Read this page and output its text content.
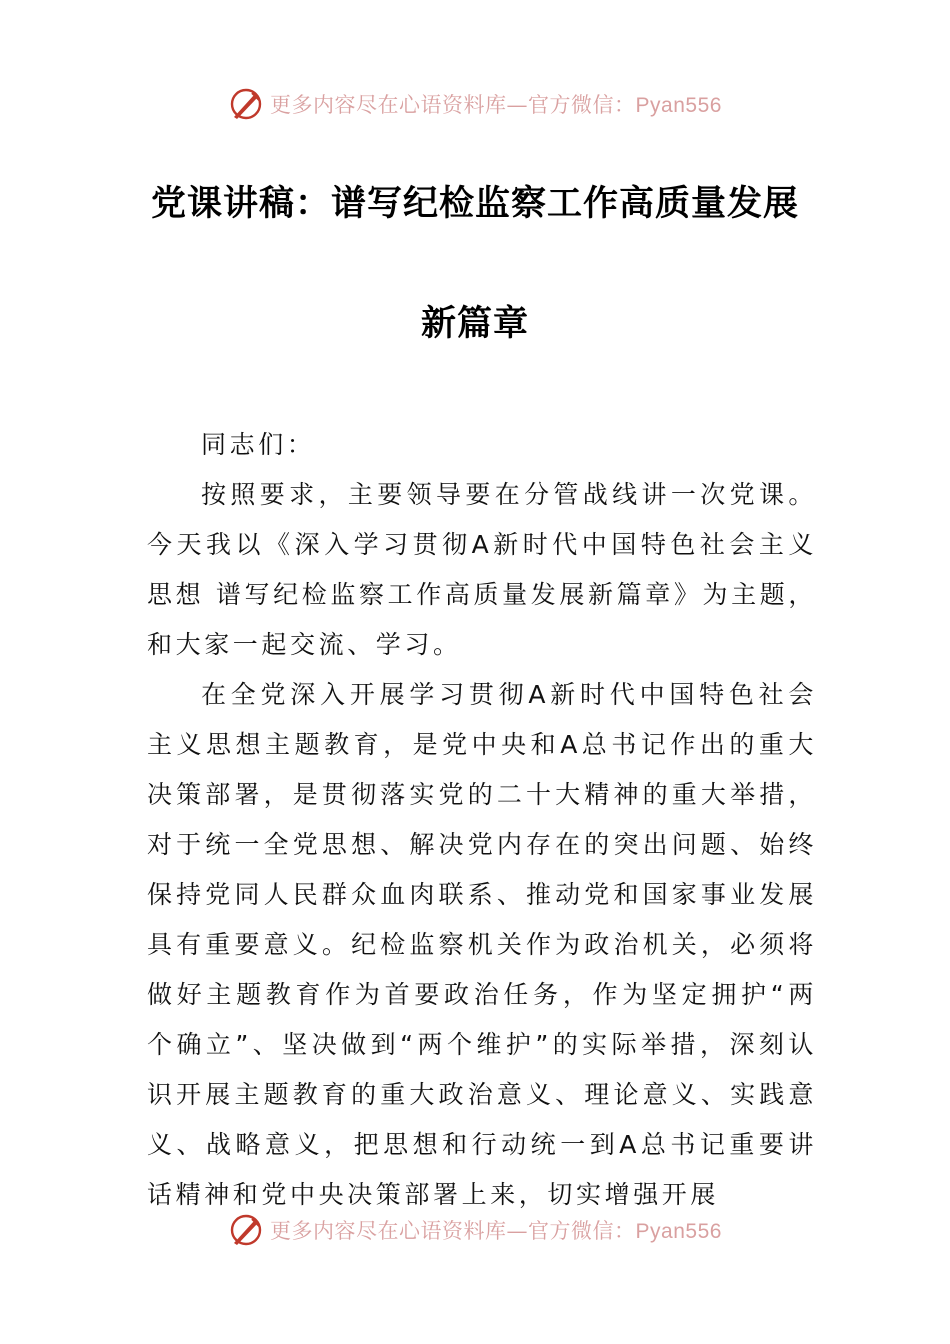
更多内容尽在心语资料库—官方微信：Pyan556
党课讲稿：谱写纪检监察工作高质量发展
新篇章

同志们：

按照要求，主要领导要在分管战线讲一次党课。今天我以《深入学习贯彻A新时代中国特色社会主义思想 谱写纪检监察工作高质量发展新篇章》为主题，和大家一起交流、学习。

在全党深入开展学习贯彻A新时代中国特色社会主义思想主题教育，是党中央和A总书记作出的重大决策部署，是贯彻落实党的二十大精神的重大举措，对于统一全党思想、解决党内存在的突出问题、始终保持党同人民群众血肉联系、推动党和国家事业发展具有重要意义。纪检监察机关作为政治机关，必须将做好主题教育作为首要政治任务，作为坚定拥护“两个确立”、坚决做到“两个维护”的实际举措，深刻认识开展主题教育的重大政治意义、理论意义、实践意义、战略意义，把思想和行动统一到A总书记重要讲话精神和党中央决策部署上来，切实增强开展

更多内容尽在心语资料库—官方微信：Pyan556
